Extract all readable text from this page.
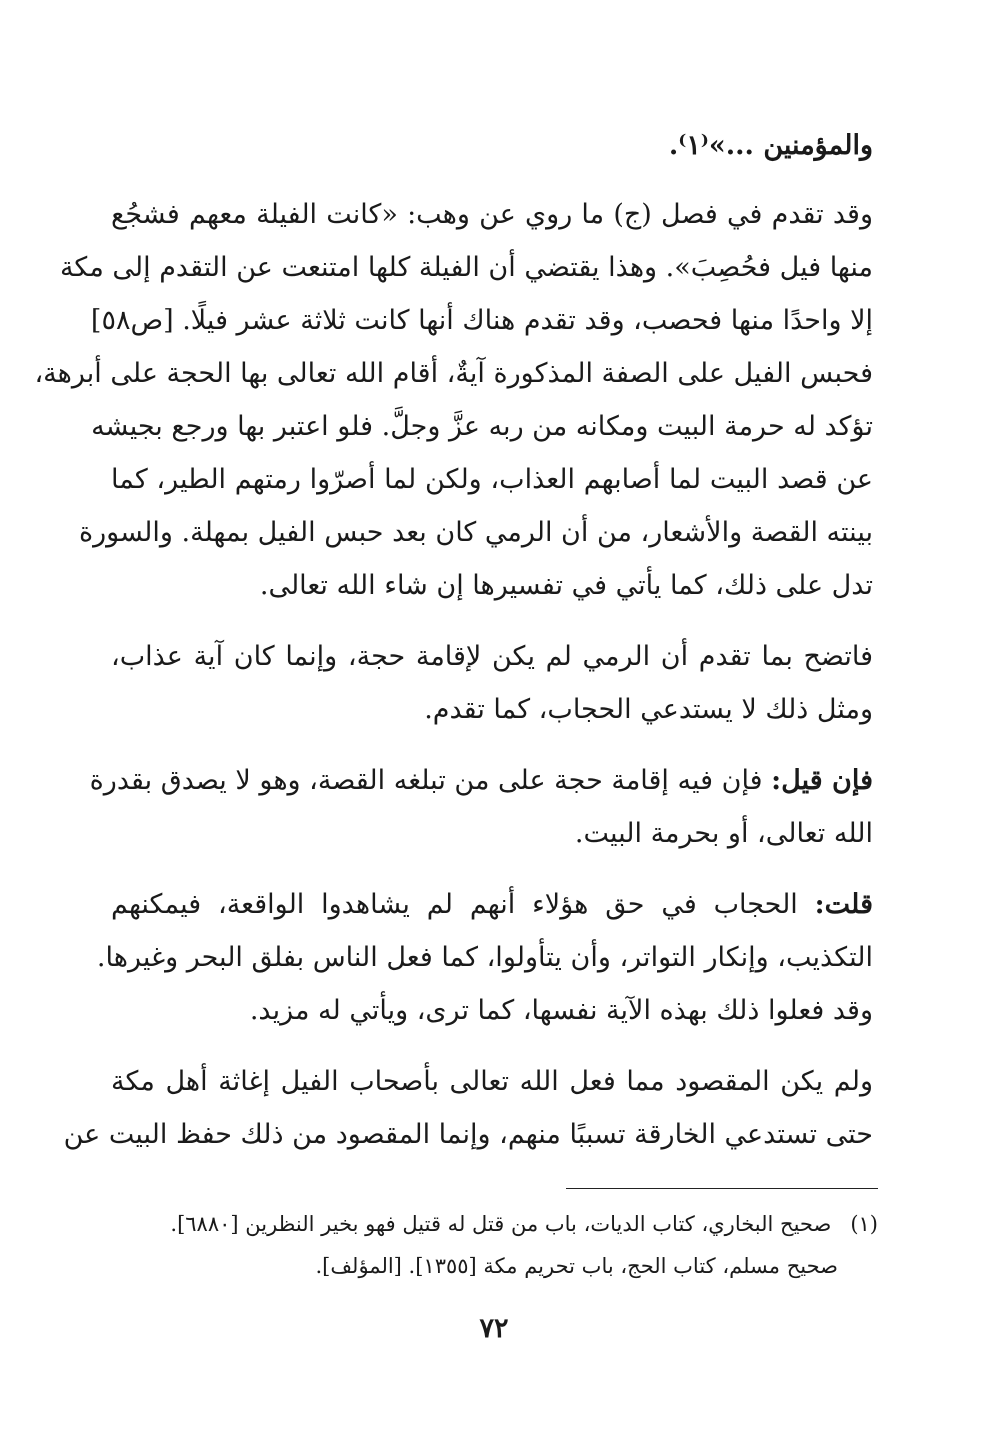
والمؤمنين ...»⁽١⁾.
وقد تقدم في فصل (ج) ما روي عن وهب: «كانت الفيلة معهم فشجُع
منها فيل فحُصِبَ». وهذا يقتضي أن الفيلة كلها امتنعت عن التقدم إلى مكة
إلا واحدًا منها فحصب، وقد تقدم هناك أنها كانت ثلاثة عشر فيلًا. [ص٥٨]
فحبس الفيل على الصفة المذكورة آيةٌ، أقام الله تعالى بها الحجة على أبرهة،
تؤكد له حرمة البيت ومكانه من ربه عزَّ وجلَّ. فلو اعتبر بها ورجع بجيشه
عن قصد البيت لما أصابهم العذاب، ولكن لما أصرّوا رمتهم الطير، كما
بينته القصة والأشعار، من أن الرمي كان بعد حبس الفيل بمهلة. والسورة
تدل على ذلك، كما يأتي في تفسيرها إن شاء الله تعالى.
فاتضح بما تقدم أن الرمي لم يكن لإقامة حجة، وإنما كان آية عذاب،
ومثل ذلك لا يستدعي الحجاب، كما تقدم.
فإن قيل: فإن فيه إقامة حجة على من تبلغه القصة، وهو لا يصدق بقدرة
الله تعالى، أو بحرمة البيت.
قلت: الحجاب في حق هؤلاء أنهم لم يشاهدوا الواقعة، فيمكنهم
التكذيب، وإنكار التواتر، وأن يتأولوا، كما فعل الناس بفلق البحر وغيرها.
وقد فعلوا ذلك بهذه الآية نفسها، كما ترى، ويأتي له مزيد.
ولم يكن المقصود مما فعل الله تعالى بأصحاب الفيل إغاثة أهل مكة
حتى تستدعي الخارقة تسببًا منهم، وإنما المقصود من ذلك حفظ البيت عن
(١) صحيح البخاري، كتاب الديات، باب من قتل له قتيل فهو بخير النظرين [٦٨٨٠].
صحيح مسلم، كتاب الحج، باب تحريم مكة [١٣٥٥]. [المؤلف].
٧٢
